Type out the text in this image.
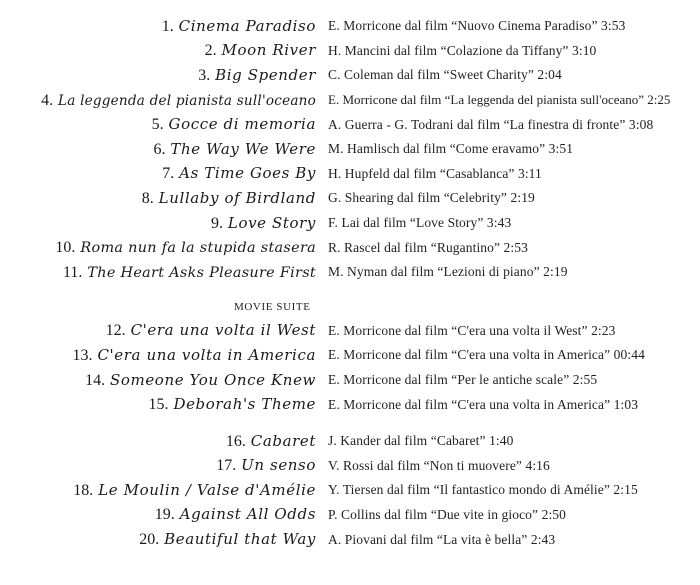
1. Cinema Paradiso E. Morricone dal film “Nuovo Cinema Paradiso” 3:53
2. Moon River H. Mancini dal film “Colazione da Tiffany” 3:10
3. Big Spender C. Coleman dal film “Sweet Charity” 2:04
4. La leggenda del pianista sull'oceano E. Morricone dal film “La leggenda del pianista sull'oceano” 2:25
5. Gocce di memoria A. Guerra - G. Todrani dal film “La finestra di fronte” 3:08
6. The Way We Were M. Hamlisch dal film “Come eravamo” 3:51
7. As Time Goes By H. Hupfeld dal film “Casablanca” 3:11
8. Lullaby of Birdland G. Shearing dal film “Celebrity” 2:19
9. Love Story F. Lai dal film “Love Story” 3:43
10. Roma nun fa la stupida stasera R. Rascel dal film “Rugantino” 2:53
11. The Heart Asks Pleasure First M. Nyman dal film “Lezioni di piano” 2:19
MOVIE SUITE
12. C'era una volta il West E. Morricone dal film “C'era una volta il West” 2:23
13. C'era una volta in America E. Morricone dal film “C'era una volta in America” 00:44
14. Someone You Once Knew E. Morricone dal film “Per le antiche scale” 2:55
15. Deborah's Theme E. Morricone dal film “C'era una volta in America” 1:03
16. Cabaret J. Kander dal film “Cabaret” 1:40
17. Un senso V. Rossi dal film “Non ti muovere” 4:16
18. Le Moulin / Valse d'Amélie Y. Tiersen dal film “Il fantastico mondo di Amélie” 2:15
19. Against All Odds P. Collins dal film “Due vite in gioco” 2:50
20. Beautiful that Way A. Piovani dal film “La vita è bella” 2:43
